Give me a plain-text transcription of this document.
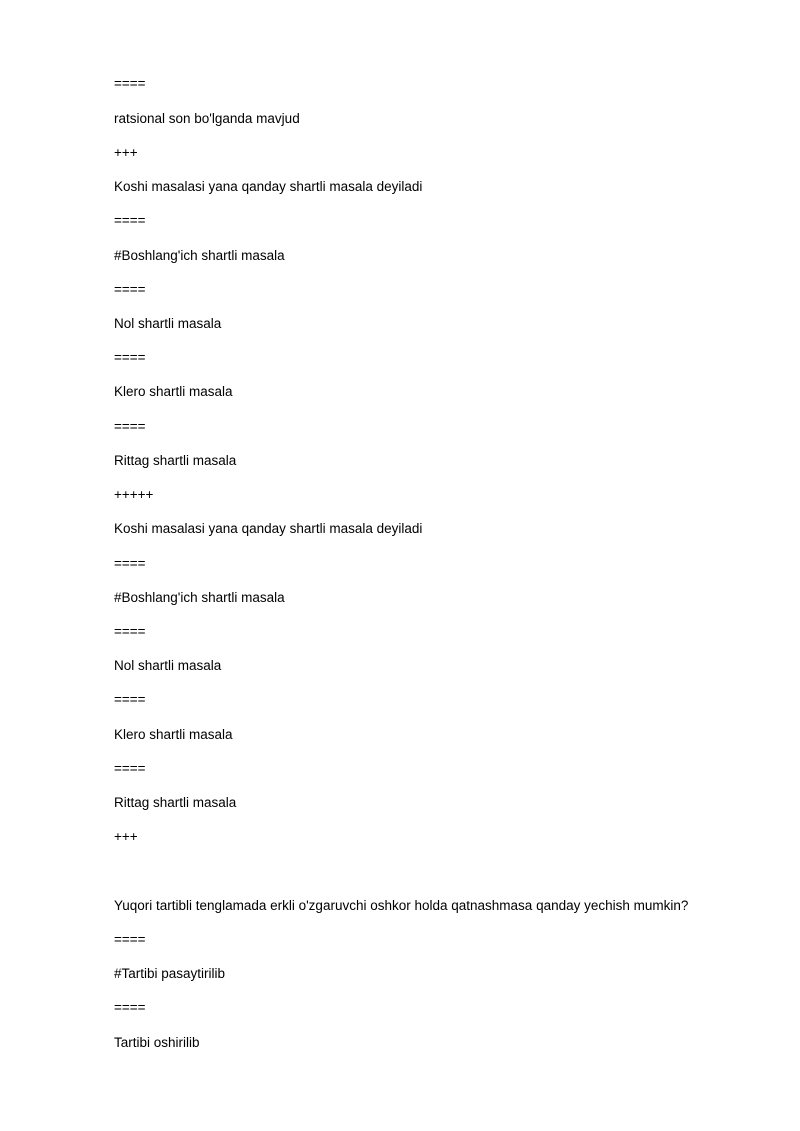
====
ratsional son bo'lganda mavjud
+++
Koshi masalasi yana qanday shartli masala deyiladi
====
#Boshlang'ich shartli masala
====
Nol shartli masala
====
Klero shartli masala
====
Rittag shartli masala
+++++
Koshi masalasi yana qanday shartli masala deyiladi
====
#Boshlang'ich shartli masala
====
Nol shartli masala
====
Klero shartli masala
====
Rittag shartli masala
+++
Yuqori tartibli tenglamada erkli o'zgaruvchi oshkor holda qatnashmasa qanday yechish mumkin?
====
#Tartibi pasaytirilib
====
Tartibi oshirilib
